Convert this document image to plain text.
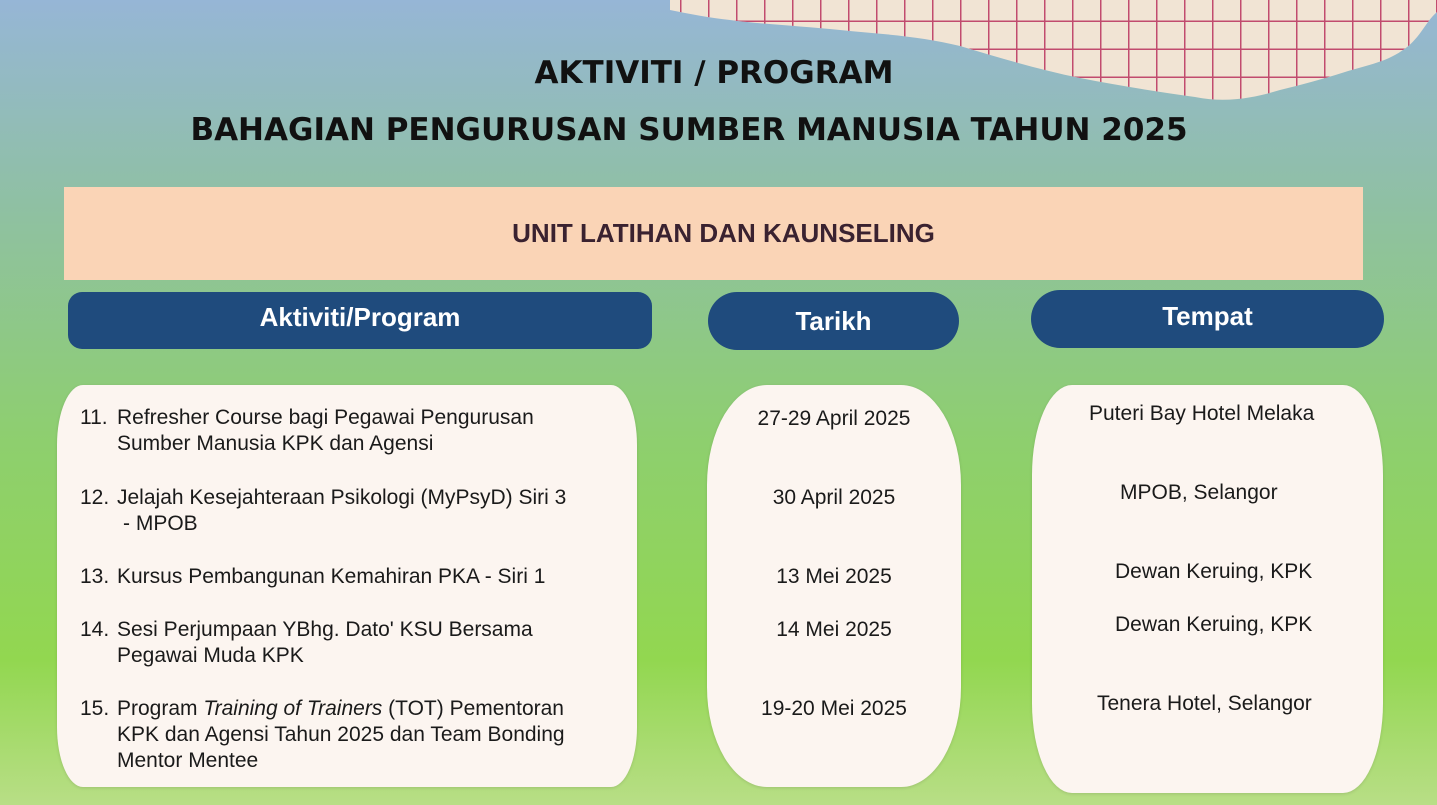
AKTIVITI / PROGRAM
BAHAGIAN PENGURUSAN SUMBER MANUSIA TAHUN 2025
UNIT LATIHAN DAN KAUNSELING
Aktiviti/Program	Tarikh	Tempat
11. Refresher Course bagi Pegawai Pengurusan
Sumber Manusia KPK dan Agensi
12. Jelajah Kesejahteraan Psikologi (MyPsyD) Siri 3
- MPOB
13. Kursus Pembangunan Kemahiran PKA - Siri 1
14. Sesi Perjumpaan YBhg. Dato' KSU Bersama
Pegawai Muda KPK
15. Program Training of Trainers (TOT) Pementoran
KPK dan Agensi Tahun 2025 dan Team Bonding
Mentor Mentee
27-29 April 2025
30 April 2025
13 Mei 2025
14 Mei 2025
19-20 Mei 2025
Puteri Bay Hotel Melaka
MPOB, Selangor
Dewan Keruing, KPK
Dewan Keruing, KPK
Tenera Hotel, Selangor
